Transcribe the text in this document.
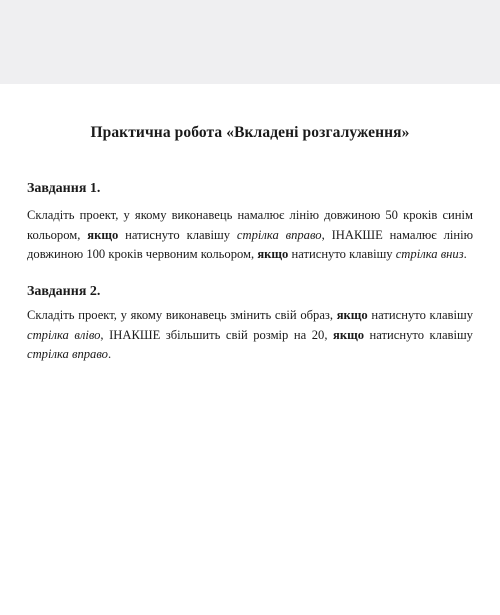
Практична робота «Вкладені розгалуження»
Завдання 1.
Складіть проект, у якому виконавець намалює лінію довжиною 50 кроків синім кольором, якщо натиснуто клавішу стрілка вправо, ІНАКШЕ намалює лінію довжиною 100 кроків червоним кольором, якщо натиснуто клавішу стрілка вниз.
Завдання 2.
Складіть проект, у якому виконавець змінить свій образ, якщо натиснуто клавішу стрілка вліво, ІНАКШЕ збільшить свій розмір на 20, якщо натиснуто клавішу стрілка вправо.
